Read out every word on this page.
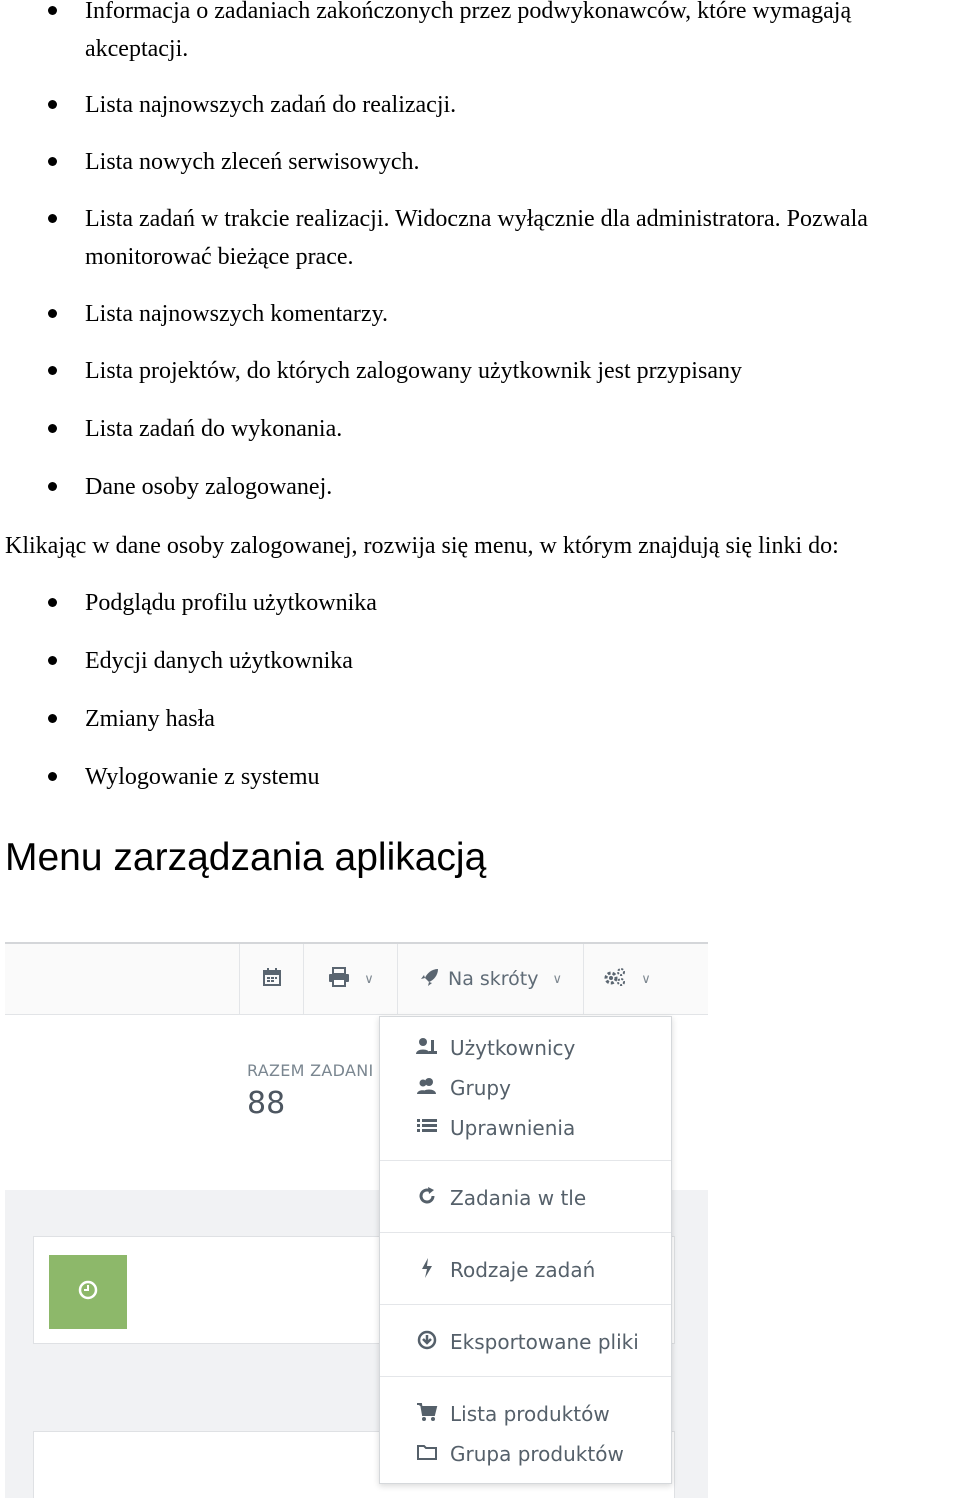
Informacja o zadaniach zakończonych przez podwykonawców, które wymagają akceptacji.
Lista najnowszych zadań do realizacji.
Lista nowych zleceń serwisowych.
Lista zadań w trakcie realizacji. Widoczna wyłącznie dla administratora. Pozwala monitorować bieżące prace.
Lista najnowszych komentarzy.
Lista projektów, do których zalogowany użytkownik jest przypisany
Lista zadań do wykonania.
Dane osoby zalogowanej.

Klikając w dane osoby zalogowanej, rozwija się menu, w którym znajdują się linki do:

Podglądu profilu użytkownika
Edycji danych użytkownika
Zmiany hasła
Wylogowanie z systemu
Menu zarządzania aplikacją
∨	Na skróty ∨	∨
RAZEM ZADANI
88
Użytkownicy
Grupy
Uprawnienia
Zadania w tle
Rodzaje zadań
Eksportowane pliki
Lista produktów
Grupa produktów
